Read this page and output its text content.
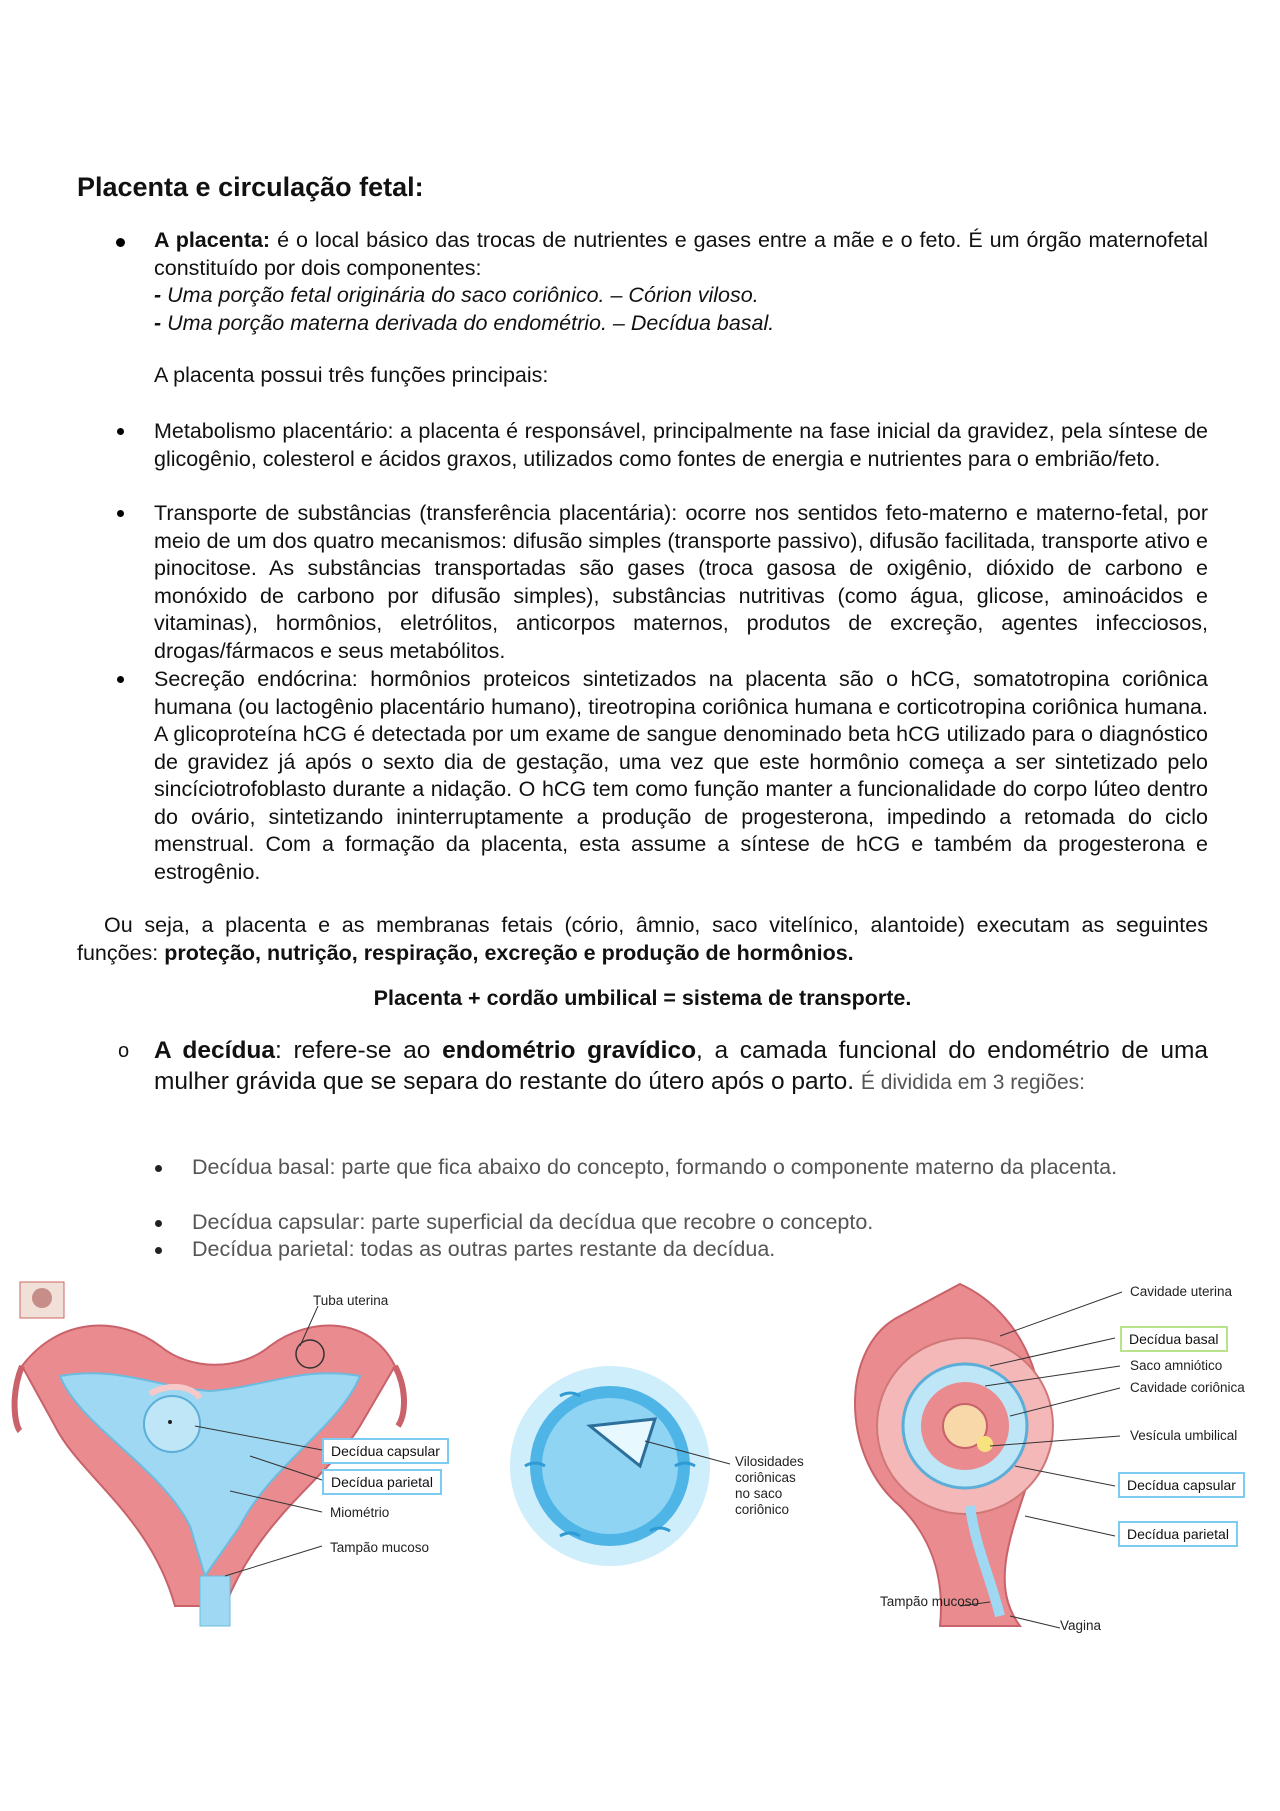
Placenta e circulação fetal:
A placenta: é o local básico das trocas de nutrientes e gases entre a mãe e o feto. É um órgão maternofetal constituído por dois componentes:
- Uma porção fetal originária do saco coriônico. – Córion viloso.
- Uma porção materna derivada do endométrio. – Decídua basal.
A placenta possui três funções principais:
Metabolismo placentário: a placenta é responsável, principalmente na fase inicial da gravidez, pela síntese de glicogênio, colesterol e ácidos graxos, utilizados como fontes de energia e nutrientes para o embrião/feto.
Transporte de substâncias (transferência placentária): ocorre nos sentidos feto-materno e materno-fetal, por meio de um dos quatro mecanismos: difusão simples (transporte passivo), difusão facilitada, transporte ativo e pinocitose. As substâncias transportadas são gases (troca gasosa de oxigênio, dióxido de carbono e monóxido de carbono por difusão simples), substâncias nutritivas (como água, glicose, aminoácidos e vitaminas), hormônios, eletrólitos, anticorpos maternos, produtos de excreção, agentes infecciosos, drogas/fármacos e seus metabólitos.
Secreção endócrina: hormônios proteicos sintetizados na placenta são o hCG, somatotropina coriônica humana (ou lactogênio placentário humano), tireotropina coriônica humana e corticotropina coriônica humana. A glicoproteína hCG é detectada por um exame de sangue denominado beta hCG utilizado para o diagnóstico de gravidez já após o sexto dia de gestação, uma vez que este hormônio começa a ser sintetizado pelo sincíciotrofoblasto durante a nidação. O hCG tem como função manter a funcionalidade do corpo lúteo dentro do ovário, sintetizando ininterruptamente a produção de progesterona, impedindo a retomada do ciclo menstrual. Com a formação da placenta, esta assume a síntese de hCG e também da progesterona e estrogênio.
Ou seja, a placenta e as membranas fetais (cório, âmnio, saco vitelínico, alantoide) executam as seguintes funções: proteção, nutrição, respiração, excreção e produção de hormônios.
Placenta + cordão umbilical = sistema de transporte.
o A decídua: refere-se ao endométrio gravídico, a camada funcional do endométrio de uma mulher grávida que se separa do restante do útero após o parto. É dividida em 3 regiões:
Decídua basal: parte que fica abaixo do concepto, formando o componente materno da placenta.
Decídua capsular: parte superficial da decídua que recobre o concepto.
Decídua parietal: todas as outras partes restante da decídua.
Tuba uterina
Decídua capsular
Decídua parietal
Miométrio
Tampão mucoso
Vilosidades
coriônicas
no saco
coriônico
Cavidade uterina
Decídua basal
Saco amniótico
Cavidade coriônica
Vesícula umbilical
Decídua capsular
Decídua parietal
Tampão mucoso
Vagina
